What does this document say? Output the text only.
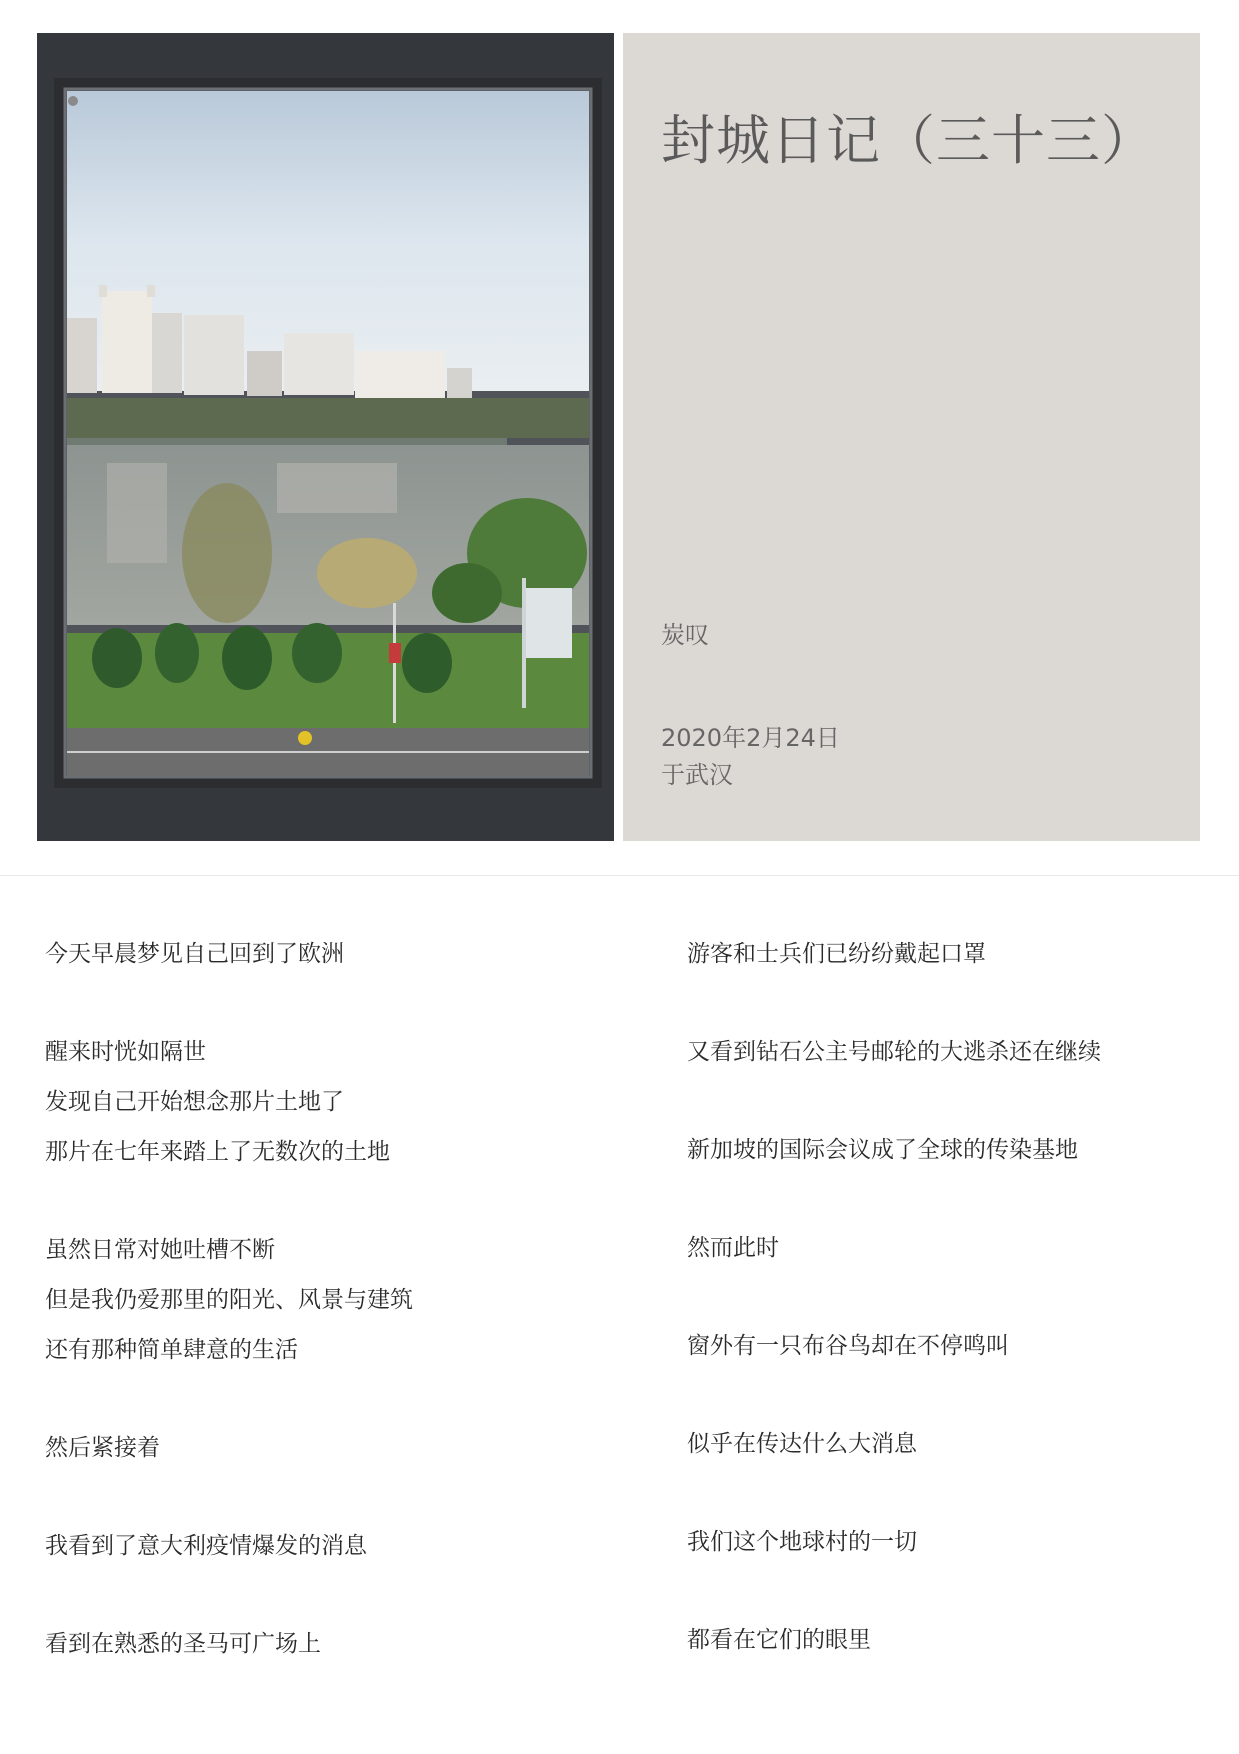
封城日记（三十三）
炭叹
2020年2月24日
于武汉
今天早晨梦见自己回到了欧洲
醒来时恍如隔世
发现自己开始想念那片土地了
那片在七年来踏上了无数次的土地
虽然日常对她吐槽不断
但是我仍爱那里的阳光、风景与建筑
还有那种简单肆意的生活
然后紧接着
我看到了意大利疫情爆发的消息
看到在熟悉的圣马可广场上
游客和士兵们已纷纷戴起口罩
又看到钻石公主号邮轮的大逃杀还在继续
新加坡的国际会议成了全球的传染基地
然而此时
窗外有一只布谷鸟却在不停鸣叫
似乎在传达什么大消息
我们这个地球村的一切
都看在它们的眼里
